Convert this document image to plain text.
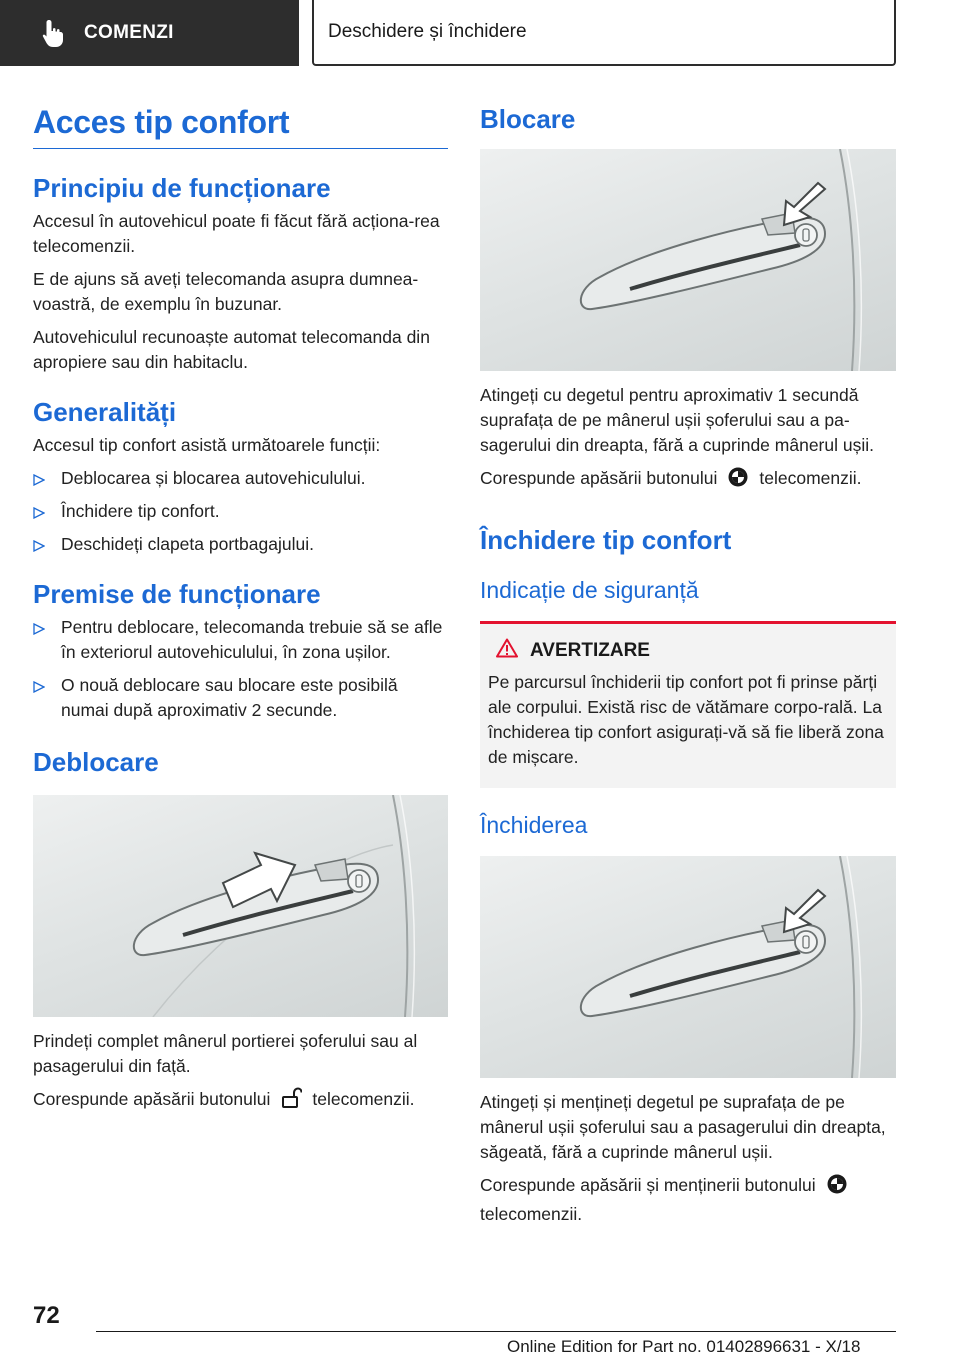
COMENZI	Deschidere și închidere
Acces tip confort
Principiu de funcționare

Accesul în autovehicul poate fi făcut fără acționa-rea telecomenzii.

E de ajuns să aveți telecomanda asupra dumnea-voastră, de exemplu în buzunar.

Autovehiculul recunoaște automat telecomanda din apropiere sau din habitaclu.

Generalități

Accesul tip confort asistă următoarele funcții:

Deblocarea și blocarea autovehiculului.
Închidere tip confort.
Deschideți clapeta portbagajului.
Premise de funcționare
Pentru deblocare, telecomanda trebuie să se afle în exteriorul autovehiculului, în zona ușilor.
O nouă deblocare sau blocare este posibilă numai după aproximativ 2 secunde.
Deblocare

Prindeți complet mânerul portierei șoferului sau al pasagerului din față.

Corespunde apăsării butonului telecomenzii.

Blocare

Atingeți cu degetul pentru aproximativ 1 secundă suprafața de pe mânerul ușii șoferului sau a pa-sagerului din dreapta, fără a cuprinde mânerul ușii.

Corespunde apăsării butonului telecomenzii.

Închidere tip confort
Indicație de siguranță
AVERTIZARE

Pe parcursul închiderii tip confort pot fi prinse părți ale corpului. Există risc de vătămare corpo-rală. La închiderea tip confort asigurați-vă să fie liberă zona de mișcare.

Închiderea

Atingeți și mențineți degetul pe suprafața de pe mânerul ușii șoferului sau a pasagerului din dreapta, săgeată, fără a cuprinde mânerul ușii.

Corespunde apăsării și menținerii butonului
telecomenzii.

72
Online Edition for Part no. 01402896631 - X/18
